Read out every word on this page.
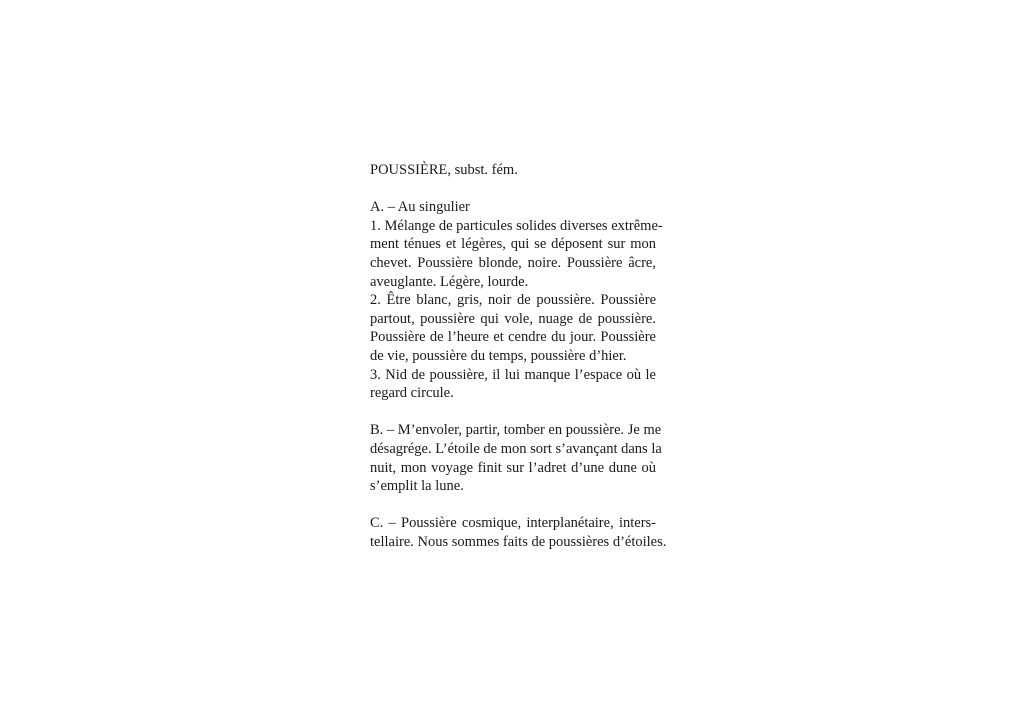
POUSSIÈRE, subst. fém.
A. – Au singulier
1. Mélange de particules solides diverses extrême-
ment ténues et légères, qui se déposent sur mon
chevet. Poussière blonde, noire. Poussière âcre,
aveuglante. Légère, lourde.
2. Être blanc, gris, noir de poussière. Poussière
partout, poussière qui vole, nuage de poussière.
Poussière de l’heure et cendre du jour. Poussière
de vie, poussière du temps, poussière d’hier.
3. Nid de poussière, il lui manque l’espace où le
regard circule.
B. – M’envoler, partir, tomber en poussière. Je me
désagrége. L’étoile de mon sort s’avançant dans la
nuit, mon voyage finit sur l’adret d’une dune où
s’emplit la lune.
C. – Poussière cosmique, interplanétaire, inters-
tellaire. Nous sommes faits de poussières d’étoiles.
